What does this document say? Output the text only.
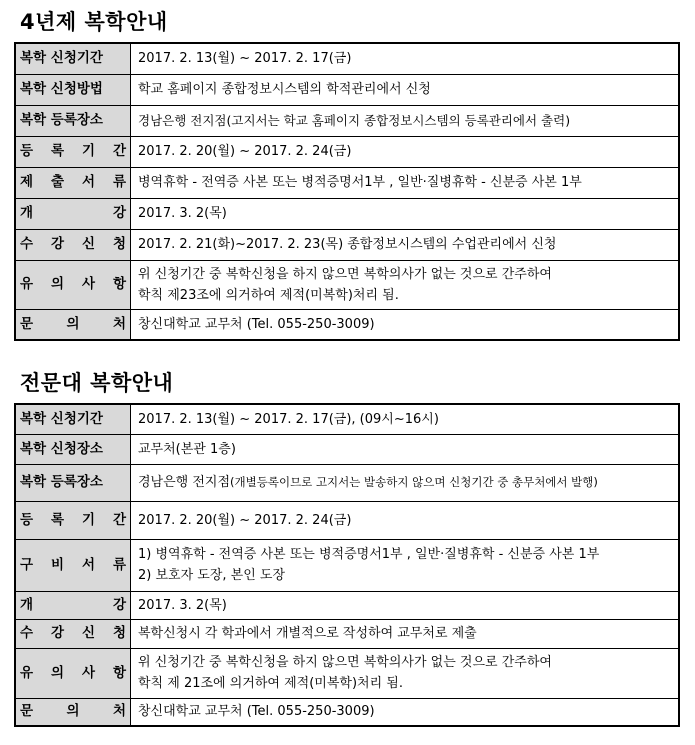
4년제 복학안내
복학 신청기간	2017. 2. 13(월) ~ 2017. 2. 17(금)
복학 신청방법	학교 홈페이지 종합정보시스템의 학적관리에서 신청
복학 등록장소	경남은행 전지점(고지서는 학교 홈페이지 종합정보시스템의 등록관리에서 출력)
등 록 기 간	2017. 2. 20(월) ~ 2017. 2. 24(금)
제 출 서 류	병역휴학 - 전역증 사본 또는 병적증명서1부 , 일반·질병휴학 - 신분증 사본 1부
개 강	2017. 3. 2(목)
수 강 신 청	2017. 2. 21(화)~2017. 2. 23(목) 종합정보시스템의 수업관리에서 신청
유 의 사 항	위 신청기간 중 복학신청을 하지 않으면 복학의사가 없는 것으로 간주하여
학칙 제23조에 의거하여 제적(미복학)처리 됨.

문 의 처	창신대학교 교무처 (Tel. 055-250-3009)
전문대 복학안내
복학 신청기간	2017. 2. 13(월) ~ 2017. 2. 17(금), (09시~16시)
복학 신청장소	교무처(본관 1층)
복학 등록장소	경남은행 전지점(개별등록이므로 고지서는 발송하지 않으며 신청기간 중 총무처에서 발행)
등 록 기 간	2017. 2. 20(월) ~ 2017. 2. 24(금)
구 비 서 류	1) 병역휴학 - 전역증 사본 또는 병적증명서1부 , 일반·질병휴학 - 신분증 사본 1부
2) 보호자 도장, 본인 도장

개 강	2017. 3. 2(목)
수 강 신 청	복학신청시 각 학과에서 개별적으로 작성하여 교무처로 제출
유 의 사 항	위 신청기간 중 복학신청을 하지 않으면 복학의사가 없는 것으로 간주하여
학칙 제 21조에 의거하여 제적(미복학)처리 됨.

문 의 처	창신대학교 교무처 (Tel. 055-250-3009)
